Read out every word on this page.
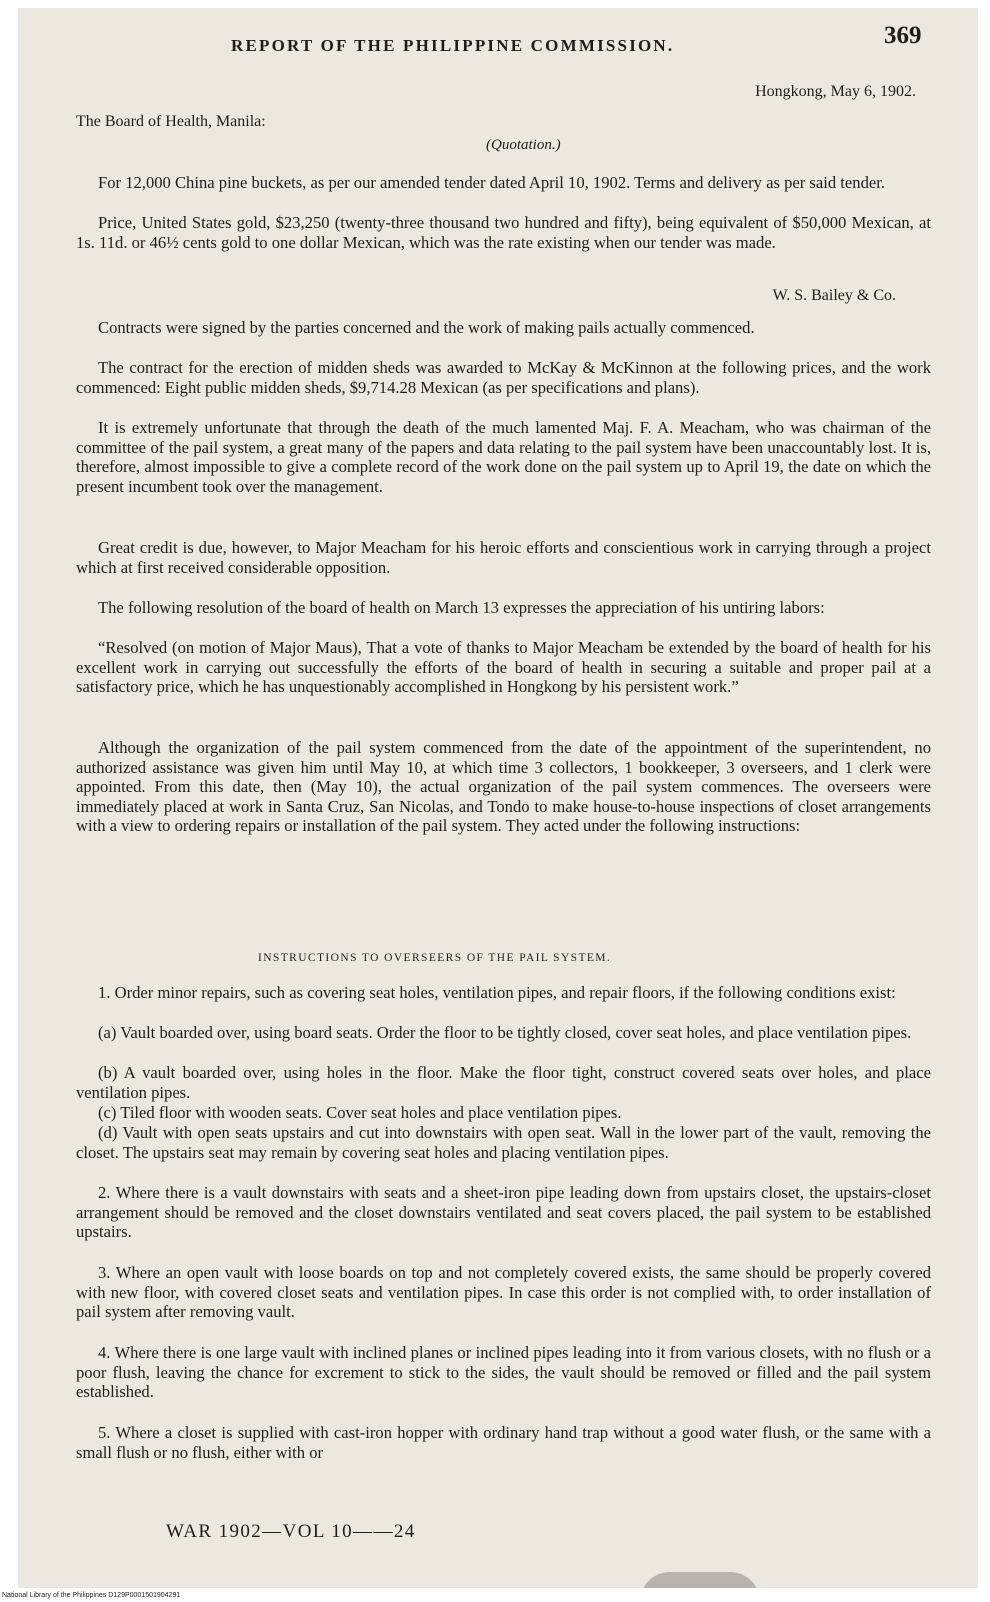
REPORT OF THE PHILIPPINE COMMISSION.	369
Hongkong, May 6, 1902.
The Board of Health, Manila:
(Quotation.)

For 12,000 China pine buckets, as per our amended tender dated April 10, 1902. Terms and delivery as per said tender.

Price, United States gold, $23,250 (twenty-three thousand two hundred and fifty), being equivalent of $50,000 Mexican, at 1s. 11d. or 46½ cents gold to one dollar Mexican, which was the rate existing when our tender was made.

W. S. Bailey & Co.

Contracts were signed by the parties concerned and the work of making pails actually commenced.

The contract for the erection of midden sheds was awarded to McKay & McKinnon at the following prices, and the work commenced: Eight public midden sheds, $9,714.28 Mexican (as per specifications and plans).

It is extremely unfortunate that through the death of the much lamented Maj. F. A. Meacham, who was chairman of the committee of the pail system, a great many of the papers and data relating to the pail system have been unaccountably lost. It is, therefore, almost impossible to give a complete record of the work done on the pail system up to April 19, the date on which the present incumbent took over the management.

Great credit is due, however, to Major Meacham for his heroic efforts and conscientious work in carrying through a project which at first received considerable opposition.

The following resolution of the board of health on March 13 expresses the appreciation of his untiring labors:

“Resolved (on motion of Major Maus), That a vote of thanks to Major Meacham be extended by the board of health for his excellent work in carrying out successfully the efforts of the board of health in securing a suitable and proper pail at a satisfactory price, which he has unquestionably accomplished in Hongkong by his persistent work.”

Although the organization of the pail system commenced from the date of the appointment of the superintendent, no authorized assistance was given him until May 10, at which time 3 collectors, 1 bookkeeper, 3 overseers, and 1 clerk were appointed. From this date, then (May 10), the actual organization of the pail system commences. The overseers were immediately placed at work in Santa Cruz, San Nicolas, and Tondo to make house-to-house inspections of closet arrangements with a view to ordering repairs or installation of the pail system. They acted under the following instructions:

INSTRUCTIONS TO OVERSEERS OF THE PAIL SYSTEM.

1. Order minor repairs, such as covering seat holes, ventilation pipes, and repair floors, if the following conditions exist:

(a) Vault boarded over, using board seats. Order the floor to be tightly closed, cover seat holes, and place ventilation pipes.

(b) A vault boarded over, using holes in the floor. Make the floor tight, construct covered seats over holes, and place ventilation pipes.

(c) Tiled floor with wooden seats. Cover seat holes and place ventilation pipes.

(d) Vault with open seats upstairs and cut into downstairs with open seat. Wall in the lower part of the vault, removing the closet. The upstairs seat may remain by covering seat holes and placing ventilation pipes.

2. Where there is a vault downstairs with seats and a sheet-iron pipe leading down from upstairs closet, the upstairs-closet arrangement should be removed and the closet downstairs ventilated and seat covers placed, the pail system to be established upstairs.

3. Where an open vault with loose boards on top and not completely covered exists, the same should be properly covered with new floor, with covered closet seats and ventilation pipes. In case this order is not complied with, to order installation of pail system after removing vault.

4. Where there is one large vault with inclined planes or inclined pipes leading into it from various closets, with no flush or a poor flush, leaving the chance for excrement to stick to the sides, the vault should be removed or filled and the pail system established.

5. Where a closet is supplied with cast-iron hopper with ordinary hand trap without a good water flush, or the same with a small flush or no flush, either with or

WAR 1902—VOL 10——24
National Library of the Philippines D129P0001501904291
